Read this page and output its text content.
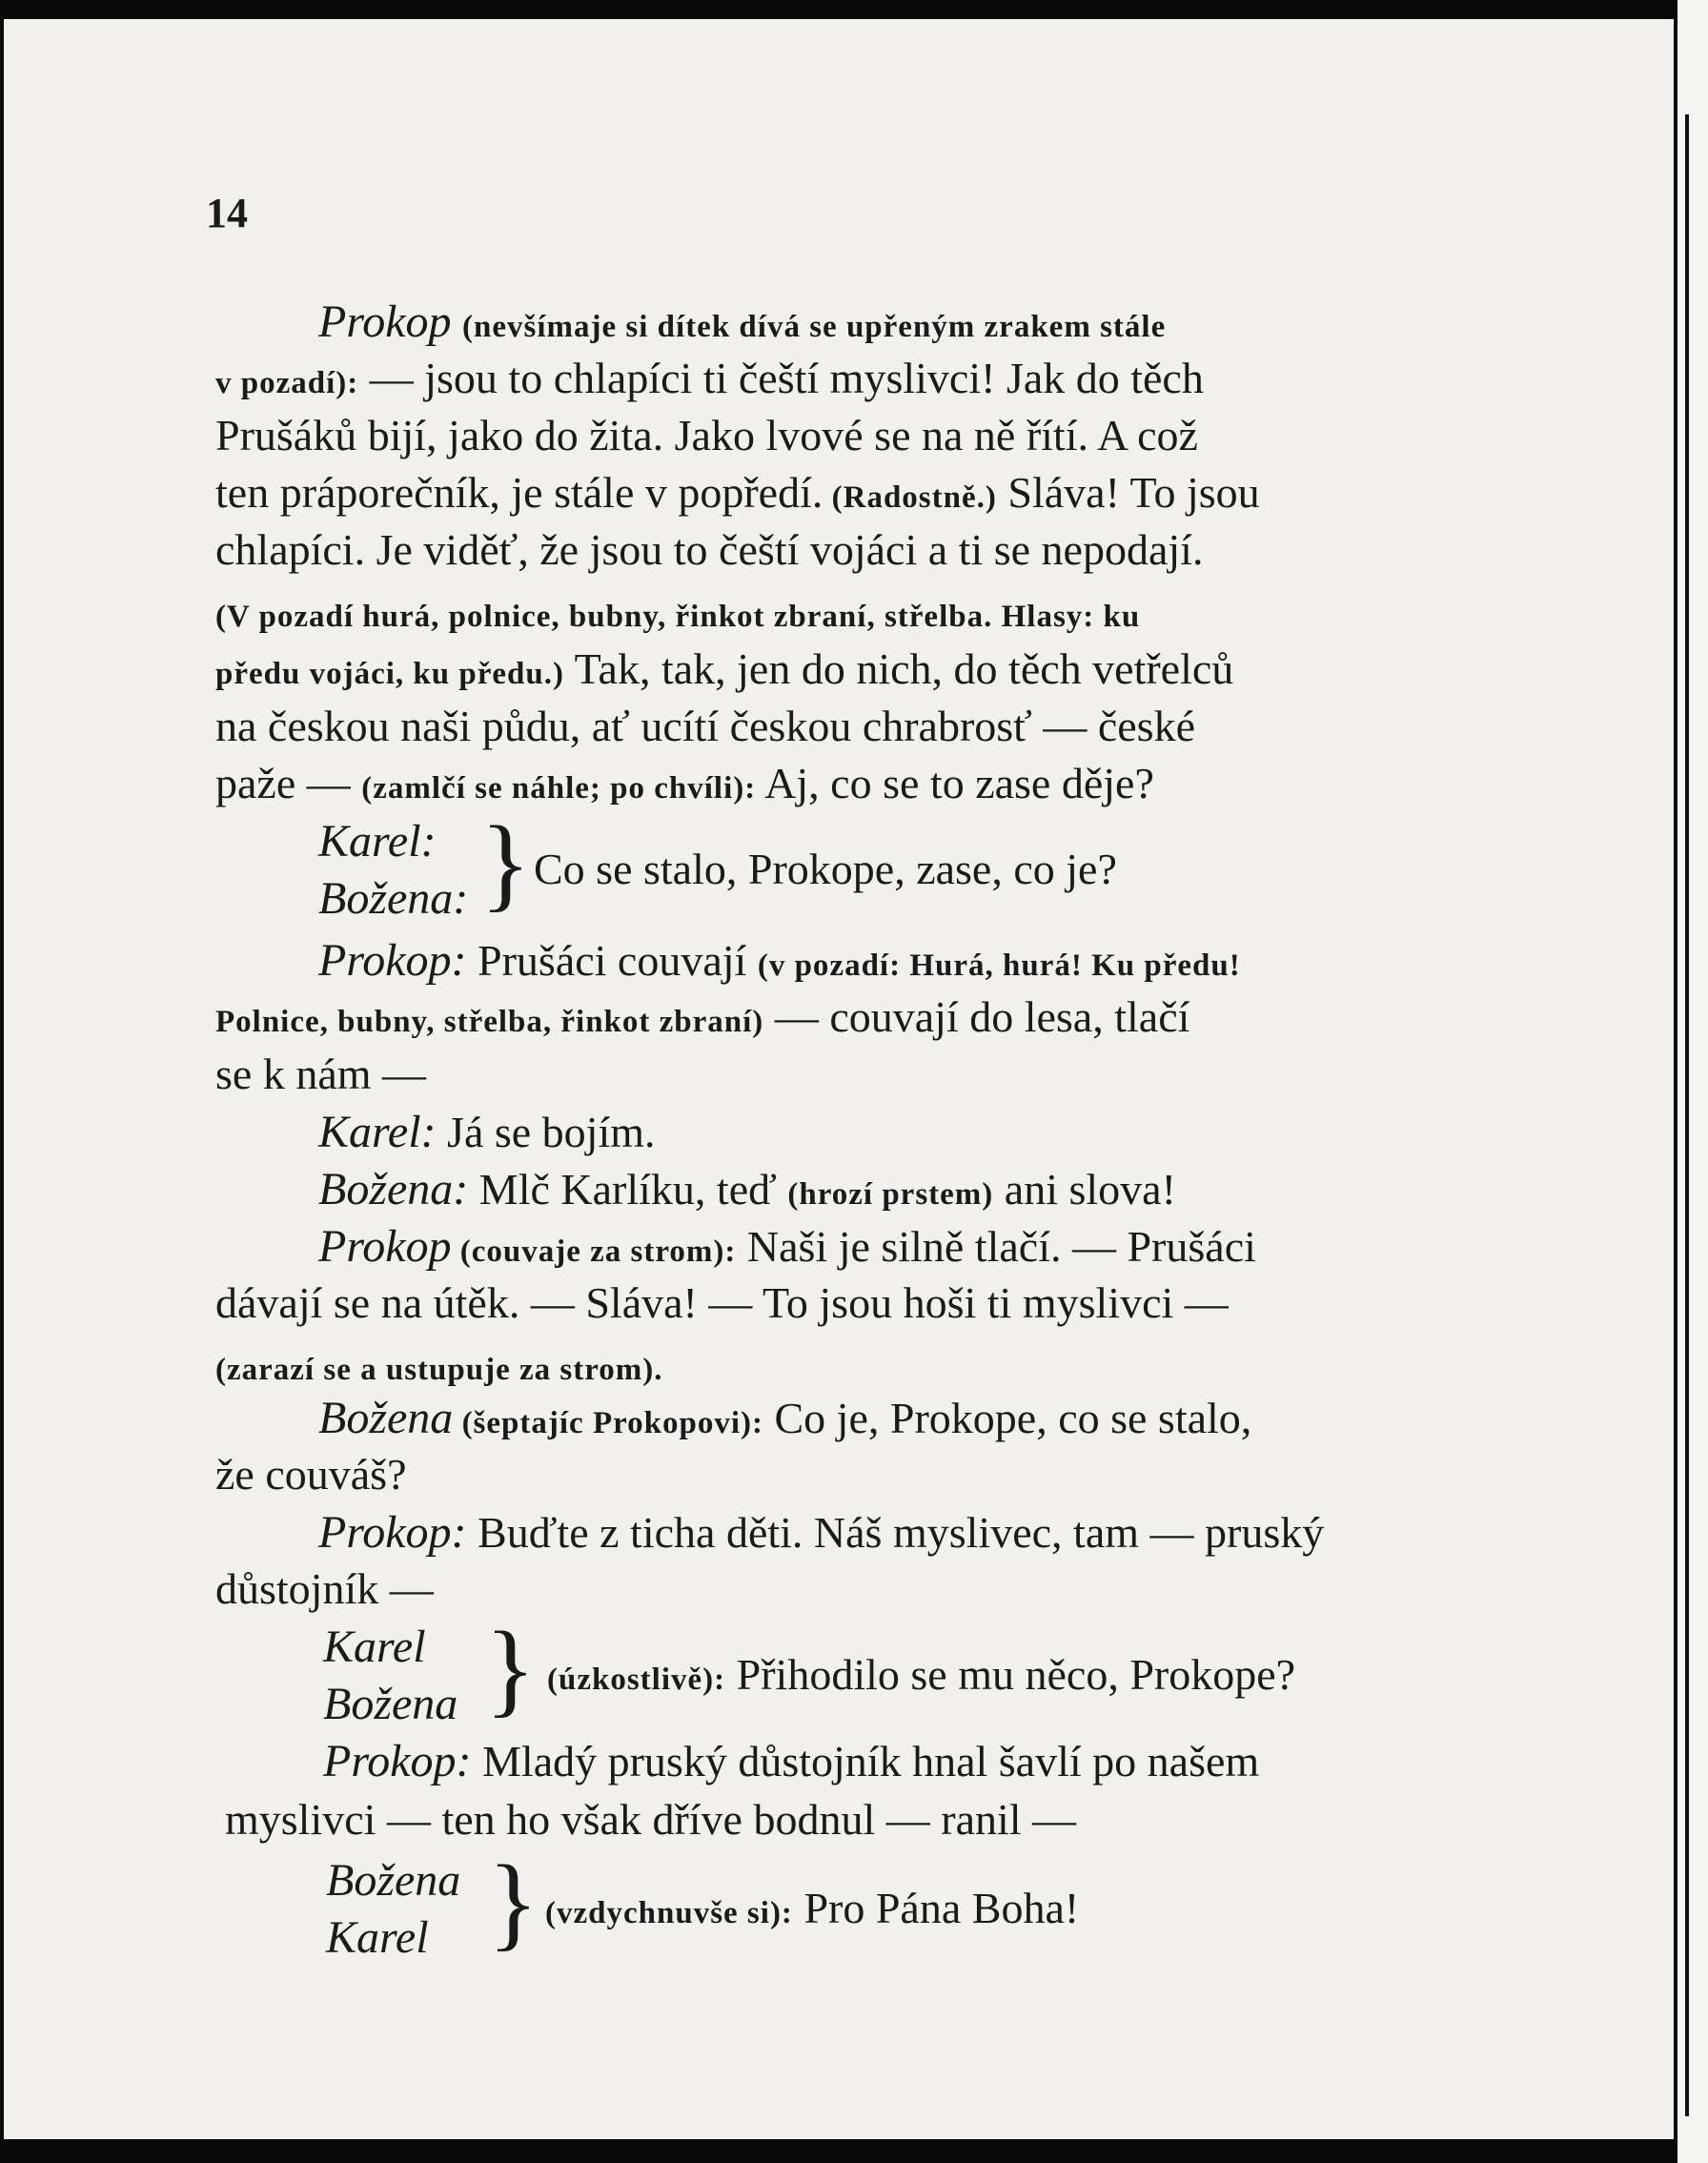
14
Prokop (nevšímaje si dítek dívá se upřeným zrakem stále
v pozadí): — jsou to chlapíci ti čeští myslivci! Jak do těch
Prušáků bijí, jako do žita. Jako lvové se na ně řítí. A což
ten práporečník, je stále v popředí. (Radostně.) Sláva! To jsou
chlapíci. Je viděť, že jsou to čeští vojáci a ti se nepodají.
(V pozadí hurá, polnice, bubny, řinkot zbraní, střelba. Hlasy: ku
předu vojáci, ku předu.) Tak, tak, jen do nich, do těch vetřelců
na českou naši půdu, ať ucítí českou chrabrosť — české
paže — (zamlčí se náhle; po chvíli): Aj, co se to zase děje?
Karel:
Božena: } Co se stalo, Prokope, zase, co je?
Prokop: Prušáci couvají (v pozadí: Hurá, hurá! Ku předu!
Polnice, bubny, střelba, řinkot zbraní) — couvají do lesa, tlačí
se k nám —
Karel: Já se bojím.
Božena: Mlč Karlíku, teď (hrozí prstem) ani slova!
Prokop (couvaje za strom): Naši je silně tlačí. — Prušáci
dávají se na útěk. — Sláva! — To jsou hoši ti myslivci —
(zarazí se a ustupuje za strom).
Božena (šeptajíc Prokopovi): Co je, Prokope, co se stalo,
že couváš?
Prokop: Buďte z ticha děti. Náš myslivec, tam — pruský
důstojník —
Karel
Božena } (úzkostlivě): Přihodilo se mu něco, Prokope?
Prokop: Mladý pruský důstojník hnal šavlí po našem
myslivci — ten ho však dříve bodnul — ranil —
Božena
Karel } (vzdychnuvše si): Pro Pána Boha!
